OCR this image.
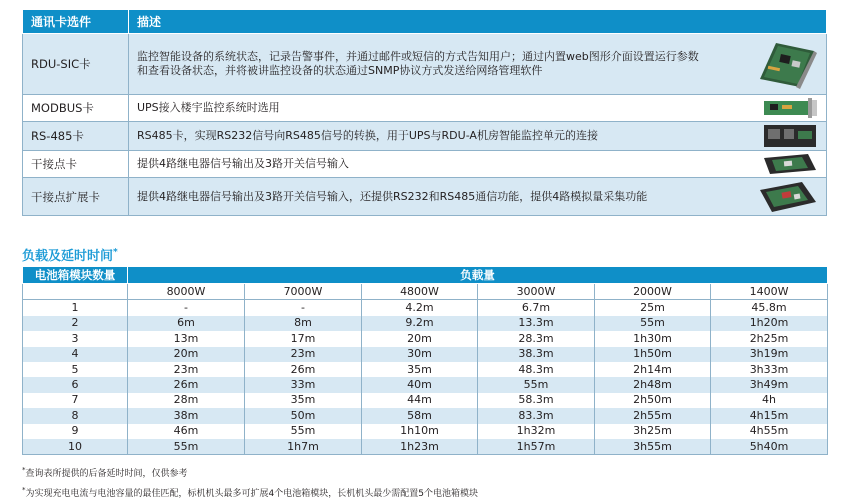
通讯卡选件	描述
RDU-SIC卡	监控智能设备的系统状态，记录告警事件，并通过邮件或短信的方式告知用户；通过内置web图形介面设置运行参数和查看设备状态，并将被讲监控设备的状态通过SNMP协议方式发送给网络管理软件

MODBUS卡	UPS接入楼宇监控系统时选用

RS-485卡	RS485卡，实现RS232信号向RS485信号的转换，用于UPS与RDU-A机房智能监控单元的连接

干接点卡	提供4路继电器信号输出及3路开关信号输入

干接点扩展卡	提供4路继电器信号输出及3路开关信号输入，还提供RS232和RS485通信功能，提供4路模拟量采集功能
负载及延时时间*
电池箱模块数量	负载量					
	8000W	7000W	4800W	3000W	2000W	1400W
1	-	-	4.2m	6.7m	25m	45.8m
2	6m	8m	9.2m	13.3m	55m	1h20m
3	13m	17m	20m	28.3m	1h30m	2h25m
4	20m	23m	30m	38.3m	1h50m	3h19m
5	23m	26m	35m	48.3m	2h14m	3h33m
6	26m	33m	40m	55m	2h48m	3h49m
7	28m	35m	44m	58.3m	2h50m	4h
8	38m	50m	58m	83.3m	2h55m	4h15m
9	46m	55m	1h10m	1h32m	3h25m	4h55m
10	55m	1h7m	1h23m	1h57m	3h55m	5h40m
*查询表所提供的后备延时时间，仅供参考
*为实现充电电流与电池容量的最佳匹配，标机机头最多可扩展4个电池箱模块，长机机头最少需配置5个电池箱模块
